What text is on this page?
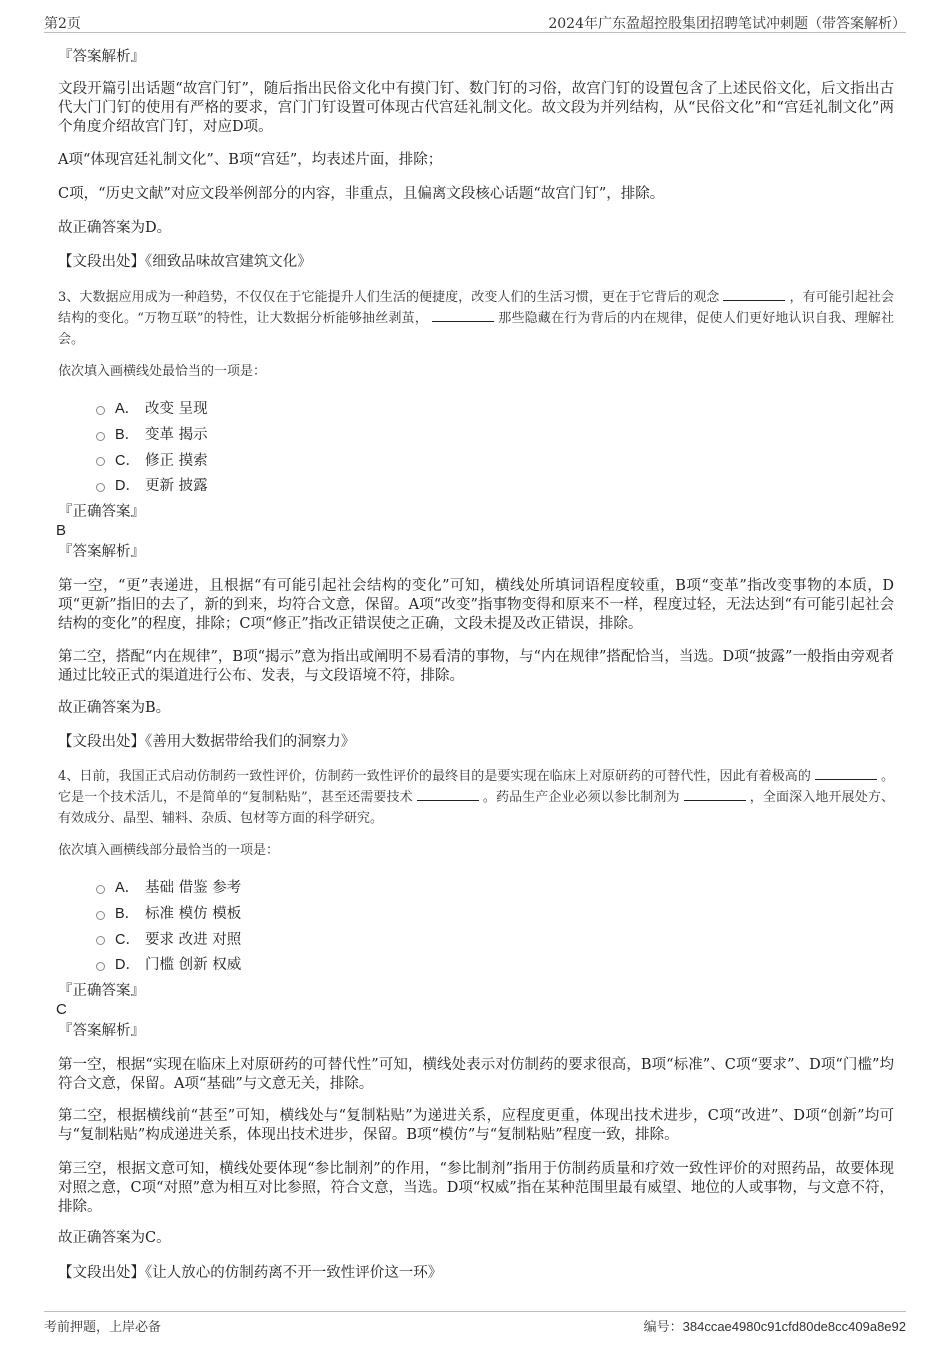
第2页	2024年广东盈超控股集团招聘笔试冲刺题（带答案解析）
『答案解析』

文段开篇引出话题“故宫门钉”，随后指出民俗文化中有摸门钉、数门钉的习俗，故宫门钉的设置包含了上述民俗文化，后文指出古代大门门钉的使用有严格的要求，宫门门钉设置可体现古代宫廷礼制文化。故文段为并列结构，从“民俗文化”和“宫廷礼制文化”两个角度介绍故宫门钉，对应D项。

A项“体现宫廷礼制文化”、B项“宫廷”，均表述片面，排除；

C项，“历史文献”对应文段举例部分的内容，非重点，且偏离文段核心话题“故宫门钉”，排除。

故正确答案为D。

【文段出处】《细致品味故宫建筑文化》

3、大数据应用成为一种趋势，不仅仅在于它能提升人们生活的便捷度，改变人们的生活习惯，更在于它背后的观念	，有可能引起社会结构的变化。“万物互联”的特性，让大数据分析能够抽丝剥茧，	那些隐藏在行为背后的内在规律，促使人们更好地认识自我、理解社会。

依次填入画横线处最恰当的一项是：

A． 改变 呈现
B． 变革 揭示
C． 修正 摸索
D． 更新 披露
『正确答案』
B
『答案解析』

第一空，“更”表递进，且根据“有可能引起社会结构的变化”可知，横线处所填词语程度较重，B项“变革”指改变事物的本质，D项“更新”指旧的去了，新的到来，均符合文意，保留。A项“改变”指事物变得和原来不一样，程度过轻，无法达到“有可能引起社会结构的变化”的程度，排除；C项“修正”指改正错误使之正确，文段未提及改正错误，排除。

第二空，搭配“内在规律”，B项“揭示”意为指出或阐明不易看清的事物，与“内在规律”搭配恰当，当选。D项“披露”一般指由旁观者通过比较正式的渠道进行公布、发表，与文段语境不符，排除。

故正确答案为B。

【文段出处】《善用大数据带给我们的洞察力》

4、日前，我国正式启动仿制药一致性评价，仿制药一致性评价的最终目的是要实现在临床上对原研药的可替代性，因此有着极高的	。它是一个技术活儿，不是简单的“复制粘贴”，甚至还需要技术	。药品生产企业必须以参比制剂为	，全面深入地开展处方、有效成分、晶型、辅料、杂质、包材等方面的科学研究。

依次填入画横线部分最恰当的一项是：

A． 基础 借鉴 参考
B． 标准 模仿 模板
C． 要求 改进 对照
D． 门槛 创新 权威
『正确答案』
C
『答案解析』

第一空，根据“实现在临床上对原研药的可替代性”可知，横线处表示对仿制药的要求很高，B项“标准”、C项“要求”、D项“门槛”均符合文意，保留。A项“基础”与文意无关，排除。

第二空，根据横线前“甚至”可知，横线处与“复制粘贴”为递进关系，应程度更重，体现出技术进步，C项“改进”、D项“创新”均可与“复制粘贴”构成递进关系，体现出技术进步，保留。B项“模仿”与“复制粘贴”程度一致，排除。

第三空，根据文意可知，横线处要体现“参比制剂”的作用，“参比制剂”指用于仿制药质量和疗效一致性评价的对照药品，故要体现对照之意，C项“对照”意为相互对比参照，符合文意，当选。D项“权威”指在某种范围里最有威望、地位的人或事物，与文意不符，排除。

故正确答案为C。

【文段出处】《让人放心的仿制药离不开一致性评价这一环》

考前押题，上岸必备	编号：384ccae4980c91cfd80de8cc409a8e92
